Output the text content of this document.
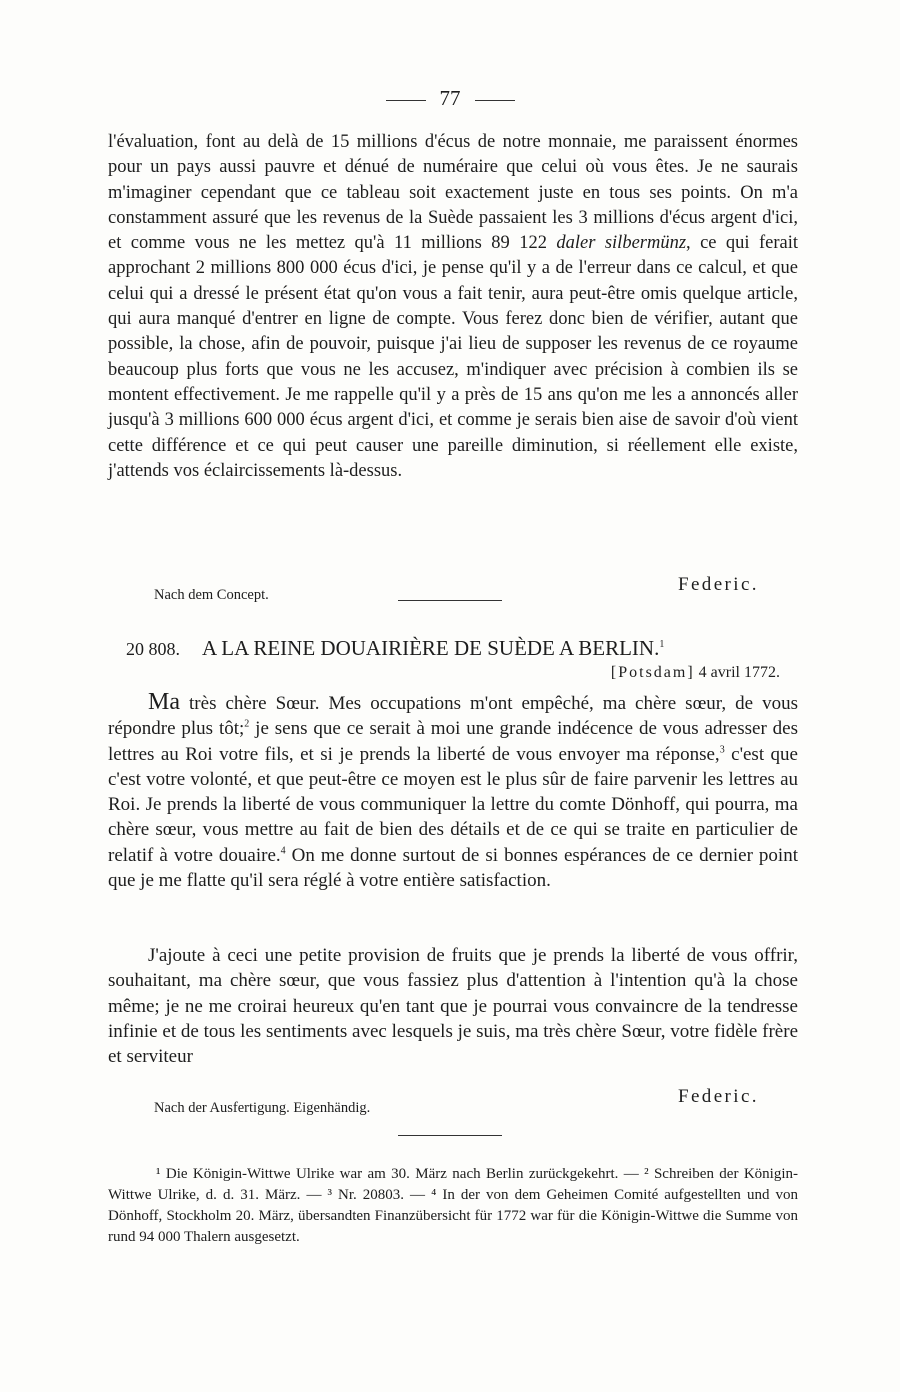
77
l'évaluation, font au delà de 15 millions d'écus de notre monnaie, me paraissent énormes pour un pays aussi pauvre et dénué de numéraire que celui où vous êtes. Je ne saurais m'imaginer cependant que ce tableau soit exactement juste en tous ses points. On m'a constamment assuré que les revenus de la Suède passaient les 3 millions d'écus argent d'ici, et comme vous ne les mettez qu'à 11 millions 89 122 daler silbermünz, ce qui ferait approchant 2 millions 800 000 écus d'ici, je pense qu'il y a de l'erreur dans ce calcul, et que celui qui a dressé le présent état qu'on vous a fait tenir, aura peut-être omis quelque article, qui aura manqué d'entrer en ligne de compte. Vous ferez donc bien de vérifier, autant que possible, la chose, afin de pouvoir, puisque j'ai lieu de supposer les revenus de ce royaume beaucoup plus forts que vous ne les accusez, m'indiquer avec précision à combien ils se montent effectivement. Je me rappelle qu'il y a près de 15 ans qu'on me les a annoncés aller jusqu'à 3 millions 600 000 écus argent d'ici, et comme je serais bien aise de savoir d'où vient cette différence et ce qui peut causer une pareille diminution, si réellement elle existe, j'attends vos éclaircissements là-dessus.
Federic.
Nach dem Concept.
20 808. A LA REINE DOUAIRIÈRE DE SUÈDE A BERLIN.$^1$
[Potsdam] 4 avril 1772.
Ma très chère Sœur. Mes occupations m'ont empêché, ma chère sœur, de vous répondre plus tôt;$^2$ je sens que ce serait à moi une grande indécence de vous adresser des lettres au Roi votre fils, et si je prends la liberté de vous envoyer ma réponse,$^3$ c'est que c'est votre volonté, et que peut-être ce moyen est le plus sûr de faire parvenir les lettres au Roi. Je prends la liberté de vous communiquer la lettre du comte Dönhoff, qui pourra, ma chère sœur, vous mettre au fait de bien des détails et de ce qui se traite en particulier de relatif à votre douaire.$^4$ On me donne surtout de si bonnes espérances de ce dernier point que je me flatte qu'il sera réglé à votre entière satisfaction.
J'ajoute à ceci une petite provision de fruits que je prends la liberté de vous offrir, souhaitant, ma chère sœur, que vous fassiez plus d'attention à l'intention qu'à la chose même; je ne me croirai heureux qu'en tant que je pourrai vous convaincre de la tendresse infinie et de tous les sentiments avec lesquels je suis, ma très chère Sœur, votre fidèle frère et serviteur
Federic.
Nach der Ausfertigung. Eigenhändig.
¹ Die Königin-Wittwe Ulrike war am 30. März nach Berlin zurückgekehrt. — ² Schreiben der Königin-Wittwe Ulrike, d. d. 31. März. — ³ Nr. 20803. — ⁴ In der von dem Geheimen Comité aufgestellten und von Dönhoff, Stockholm 20. März, übersandten Finanzübersicht für 1772 war für die Königin-Wittwe die Summe von rund 94 000 Thalern ausgesetzt.
